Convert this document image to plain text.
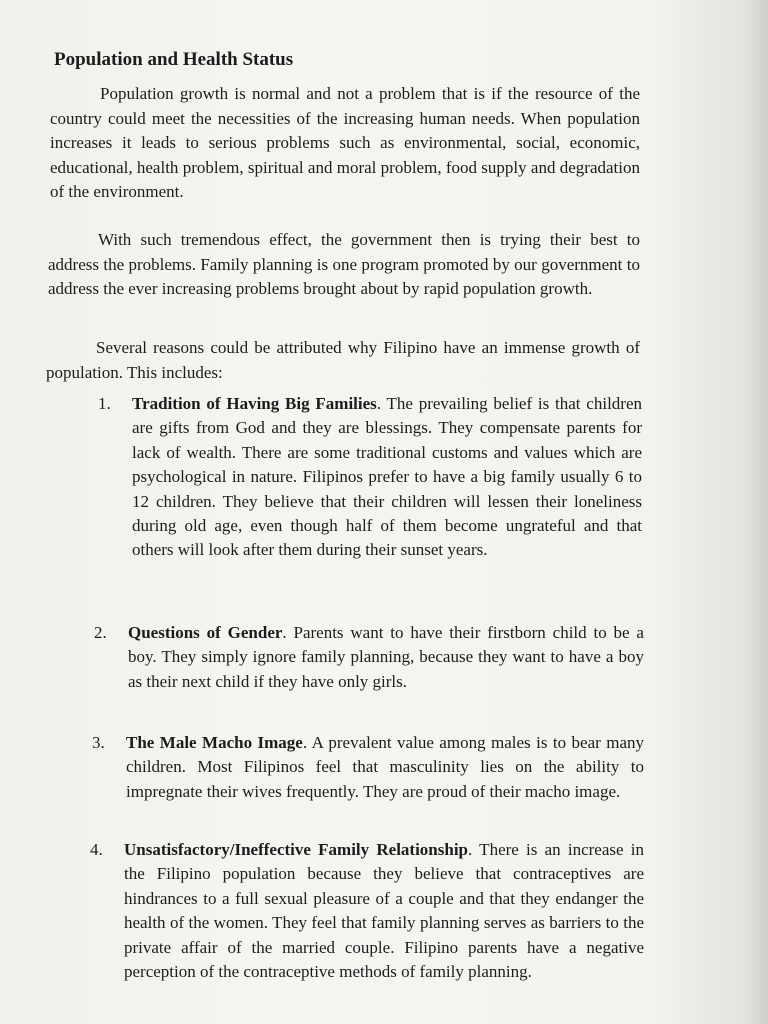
Population and Health Status

Population growth is normal and not a problem that is if the resource of the country could meet the necessities of the increasing human needs. When population increases it leads to serious problems such as environmental, social, economic, educational, health problem, spiritual and moral problem, food supply and degradation of the environment.

With such tremendous effect, the government then is trying their best to address the problems. Family planning is one program promoted by our government to address the ever increasing problems brought about by rapid population growth.

Several reasons could be attributed why Filipino have an immense growth of population. This includes:

1. Tradition of Having Big Families. The prevailing belief is that children are gifts from God and they are blessings. They compensate parents for lack of wealth. There are some traditional customs and values which are psychological in nature. Filipinos prefer to have a big family usually 6 to 12 children. They believe that their children will lessen their loneliness during old age, even though half of them become ungrateful and that others will look after them during their sunset years.

2. Questions of Gender. Parents want to have their firstborn child to be a boy. They simply ignore family planning, because they want to have a boy as their next child if they have only girls.

3. The Male Macho Image. A prevalent value among males is to bear many children. Most Filipinos feel that masculinity lies on the ability to impregnate their wives frequently. They are proud of their macho image.

4. Unsatisfactory/Ineffective Family Relationship. There is an increase in the Filipino population because they believe that contraceptives are hindrances to a full sexual pleasure of a couple and that they endanger the health of the women. They feel that family planning serves as barriers to the private affair of the married couple. Filipino parents have a negative perception of the contraceptive methods of family planning.
